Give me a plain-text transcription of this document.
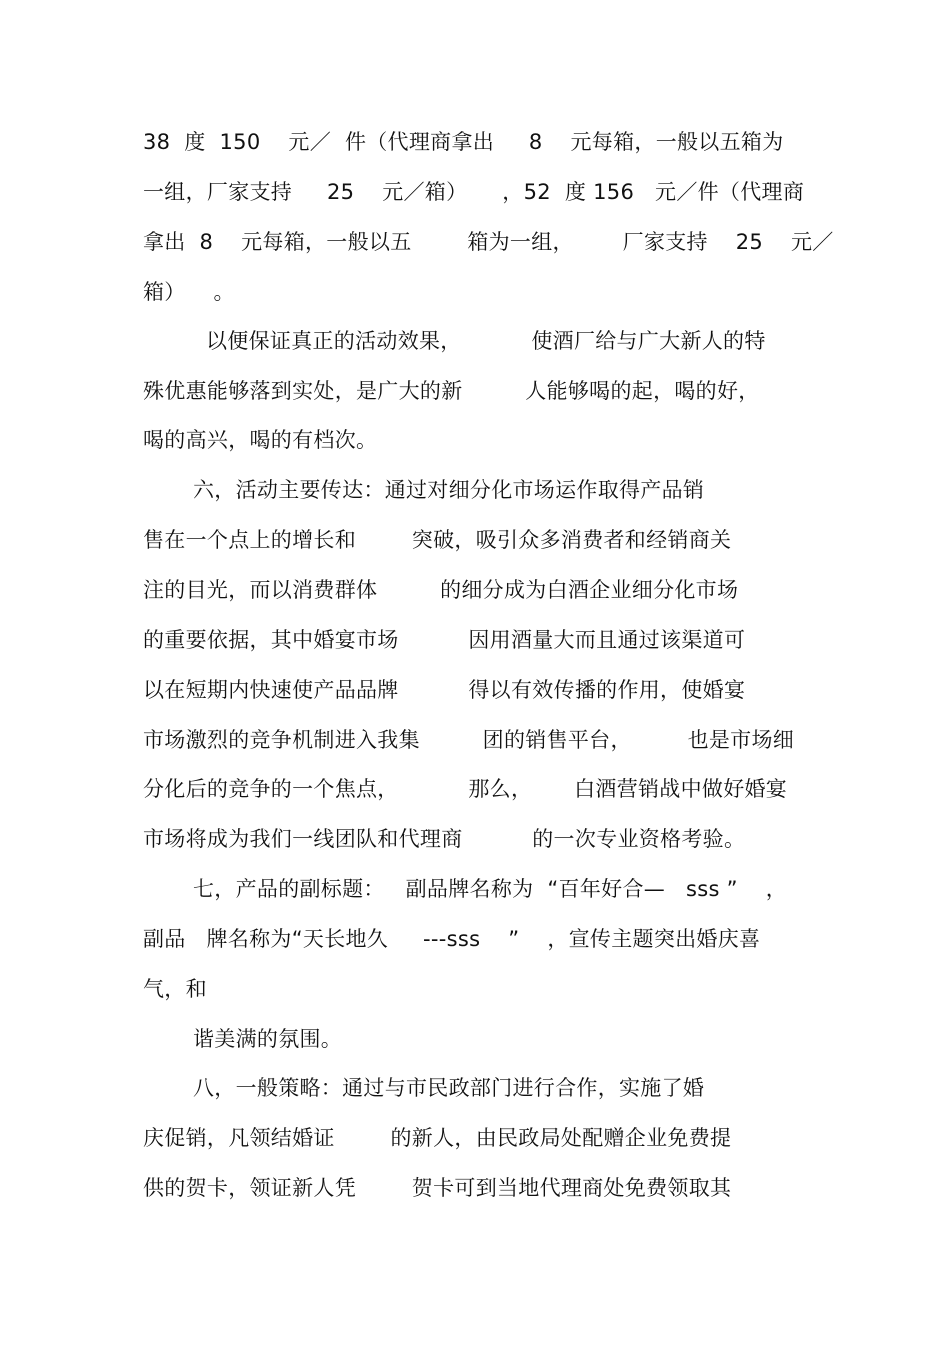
38  度  150    元／  件（代理商拿出     8    元每箱，一般以五箱为
一组，厂家支持     25    元／箱）     ，52  度 156   元／件（代理商
拿出  8    元每箱，一般以五        箱为一组，       厂家支持    25    元／
箱）    。
以便保证真正的活动效果，          使酒厂给与广大新人的特
殊优惠能够落到实处，是广大的新         人能够喝的起，喝的好，
喝的高兴，喝的有档次。
六，活动主要传达：通过对细分化市场运作取得产品销
售在一个点上的增长和        突破，吸引众多消费者和经销商关
注的目光，而以消费群体         的细分成为白酒企业细分化市场
的重要依据，其中婚宴市场          因用酒量大而且通过该渠道可
以在短期内快速使产品品牌          得以有效传播的作用，使婚宴
市场激烈的竞争机制进入我集         团的销售平台，        也是市场细
分化后的竞争的一个焦点，          那么，      白酒营销战中做好婚宴
市场将成为我们一线团队和代理商          的一次专业资格考验。
七，产品的副标题：   副品牌名称为  “百年好合—   sss ”    ，
副品   牌名称为“天长地久     ---sss    ”    ，宣传主题突出婚庆喜
气，和
谐美满的氛围。
八，一般策略：通过与市民政部门进行合作，实施了婚
庆促销，凡领结婚证        的新人，由民政局处配赠企业免费提
供的贺卡，领证新人凭        贺卡可到当地代理商处免费领取其
